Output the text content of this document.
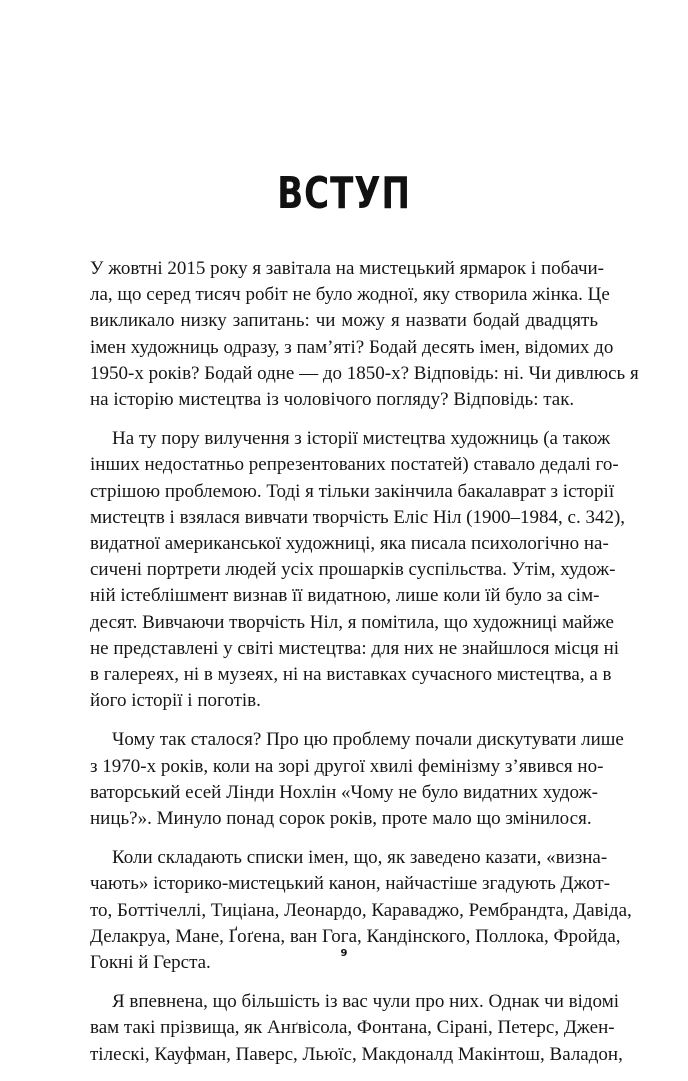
ВСТУП
У жовтні 2015 року я завітала на мистецький ярмарок і побачи-
ла, що серед тисяч робіт не було жодної, яку створила жінка. Це
викликало низку запитань: чи можу я назвати бодай двадцять
імен художниць одразу, з пам’яті? Бодай десять імен, відомих до
1950-х років? Бодай одне — до 1850-х? Відповідь: ні. Чи дивлюсь я
на історію мистецтва із чоловічого погляду? Відповідь: так.
На ту пору вилучення з історії мистецтва художниць (а також
інших недостатньо репрезентованих постатей) ставало дедалі го-
стрішою проблемою. Тоді я тільки закінчила бакалаврат з історії
мистецтв і взялася вивчати творчість Еліс Ніл (1900–1984, с. 342),
видатної американської художниці, яка писала психологічно на-
сичені портрети людей усіх прошарків суспільства. Утім, худож-
ній істеблішмент визнав її видатною, лише коли їй було за сім-
десят. Вивчаючи творчість Ніл, я помітила, що художниці майже
не представлені у світі мистецтва: для них не знайшлося місця ні
в галереях, ні в музеях, ні на виставках сучасного мистецтва, а в
його історії і поготів.
Чому так сталося? Про цю проблему почали дискутувати лише
з 1970-х років, коли на зорі другої хвилі фемінізму з’явився но-
ваторський есей Лінди Нохлін «Чому не було видатних худож-
ниць?». Минуло понад сорок років, проте мало що змінилося.
Коли складають списки імен, що, як заведено казати, «визна-
чають» історико-мистецький канон, найчастіше згадують Джот-
то, Боттічеллі, Тиціана, Леонардо, Караваджо, Рембрандта, Давіда,
Делакруа, Мане, Ґоґена, ван Гога, Кандінского, Поллока, Фройда,
Гокні й Герста.
Я впевнена, що більшість із вас чули про них. Однак чи відомі
вам такі прізвища, як Анґвісола, Фонтана, Сірані, Петерс, Джен-
тілескі, Кауфман, Паверс, Льюїс, Макдоналд Макінтош, Валадон,
9
